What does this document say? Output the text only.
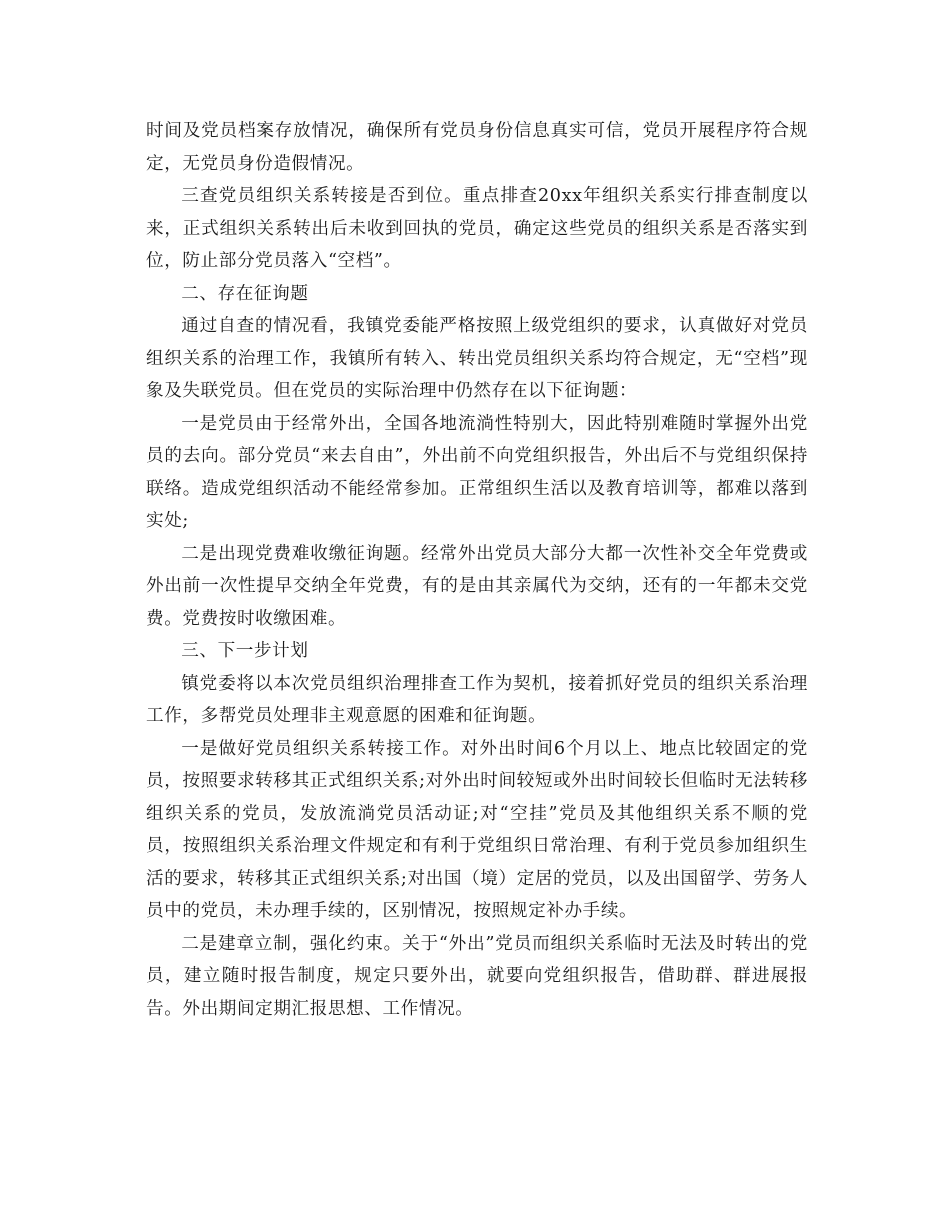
时间及党员档案存放情况，确保所有党员身份信息真实可信，党员开展程序符合规定，无党员身份造假情况。

三查党员组织关系转接是否到位。重点排查20xx年组织关系实行排查制度以来，正式组织关系转出后未收到回执的党员，确定这些党员的组织关系是否落实到位，防止部分党员落入“空档”。

二、存在征询题

通过自查的情况看，我镇党委能严格按照上级党组织的要求，认真做好对党员组织关系的治理工作，我镇所有转入、转出党员组织关系均符合规定，无“空档”现象及失联党员。但在党员的实际治理中仍然存在以下征询题：

一是党员由于经常外出，全国各地流淌性特别大，因此特别难随时掌握外出党员的去向。部分党员“来去自由”，外出前不向党组织报告，外出后不与党组织保持联络。造成党组织活动不能经常参加。正常组织生活以及教育培训等，都难以落到实处;

二是出现党费难收缴征询题。经常外出党员大部分大都一次性补交全年党费或外出前一次性提早交纳全年党费，有的是由其亲属代为交纳，还有的一年都未交党费。党费按时收缴困难。

三、下一步计划

镇党委将以本次党员组织治理排查工作为契机，接着抓好党员的组织关系治理工作，多帮党员处理非主观意愿的困难和征询题。

一是做好党员组织关系转接工作。对外出时间6个月以上、地点比较固定的党员，按照要求转移其正式组织关系;对外出时间较短或外出时间较长但临时无法转移组织关系的党员，发放流淌党员活动证;对“空挂”党员及其他组织关系不顺的党员，按照组织关系治理文件规定和有利于党组织日常治理、有利于党员参加组织生活的要求，转移其正式组织关系;对出国（境）定居的党员，以及出国留学、劳务人员中的党员，未办理手续的，区别情况，按照规定补办手续。

二是建章立制，强化约束。关于“外出”党员而组织关系临时无法及时转出的党员，建立随时报告制度，规定只要外出，就要向党组织报告，借助群、群进展报告。外出期间定期汇报思想、工作情况。
